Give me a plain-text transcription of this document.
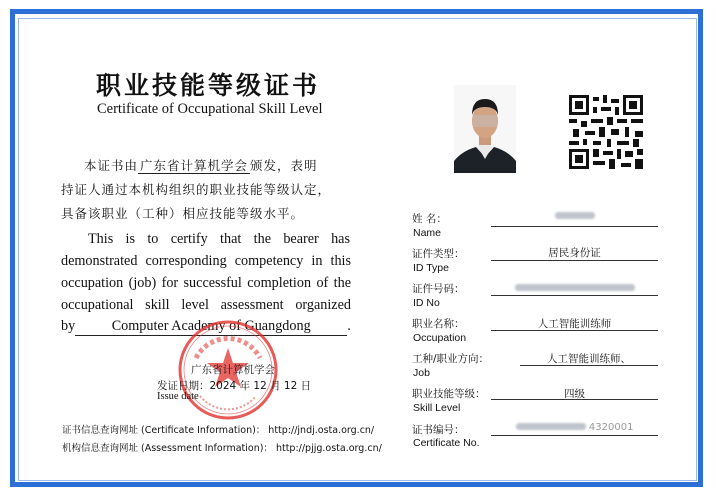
职业技能等级证书
Certificate of Occupational Skill Level
本证书由 广东省计算机学会 颁发，表明
持证人通过本机构组织的职业技能等级认定，
具备该职业（工种）相应技能等级水平。
This is to certify that the bearer has
demonstrated corresponding competency in this
occupation (job) for successful completion of the
occupational skill level assessment organized
by	Computer Academy of Guangdong	.
广东省计算机学会
发证日期：2024 年 12 月 12 日
Issue date
证书信息查询网址 (Certificate Information)： http://jndj.osta.org.cn/
机构信息查询网址 (Assessment Information)： http://pjjg.osta.org.cn/
姓 名：
Name
证件类型：
ID Type
居民身份证
证件号码：
ID No
职业名称：
Occupation
人工智能训练师
工种/职业方向：
Job
人工智能训练师、
职业技能等级：
Skill Level
四级
证书编号：
Certificate No.
4320001
